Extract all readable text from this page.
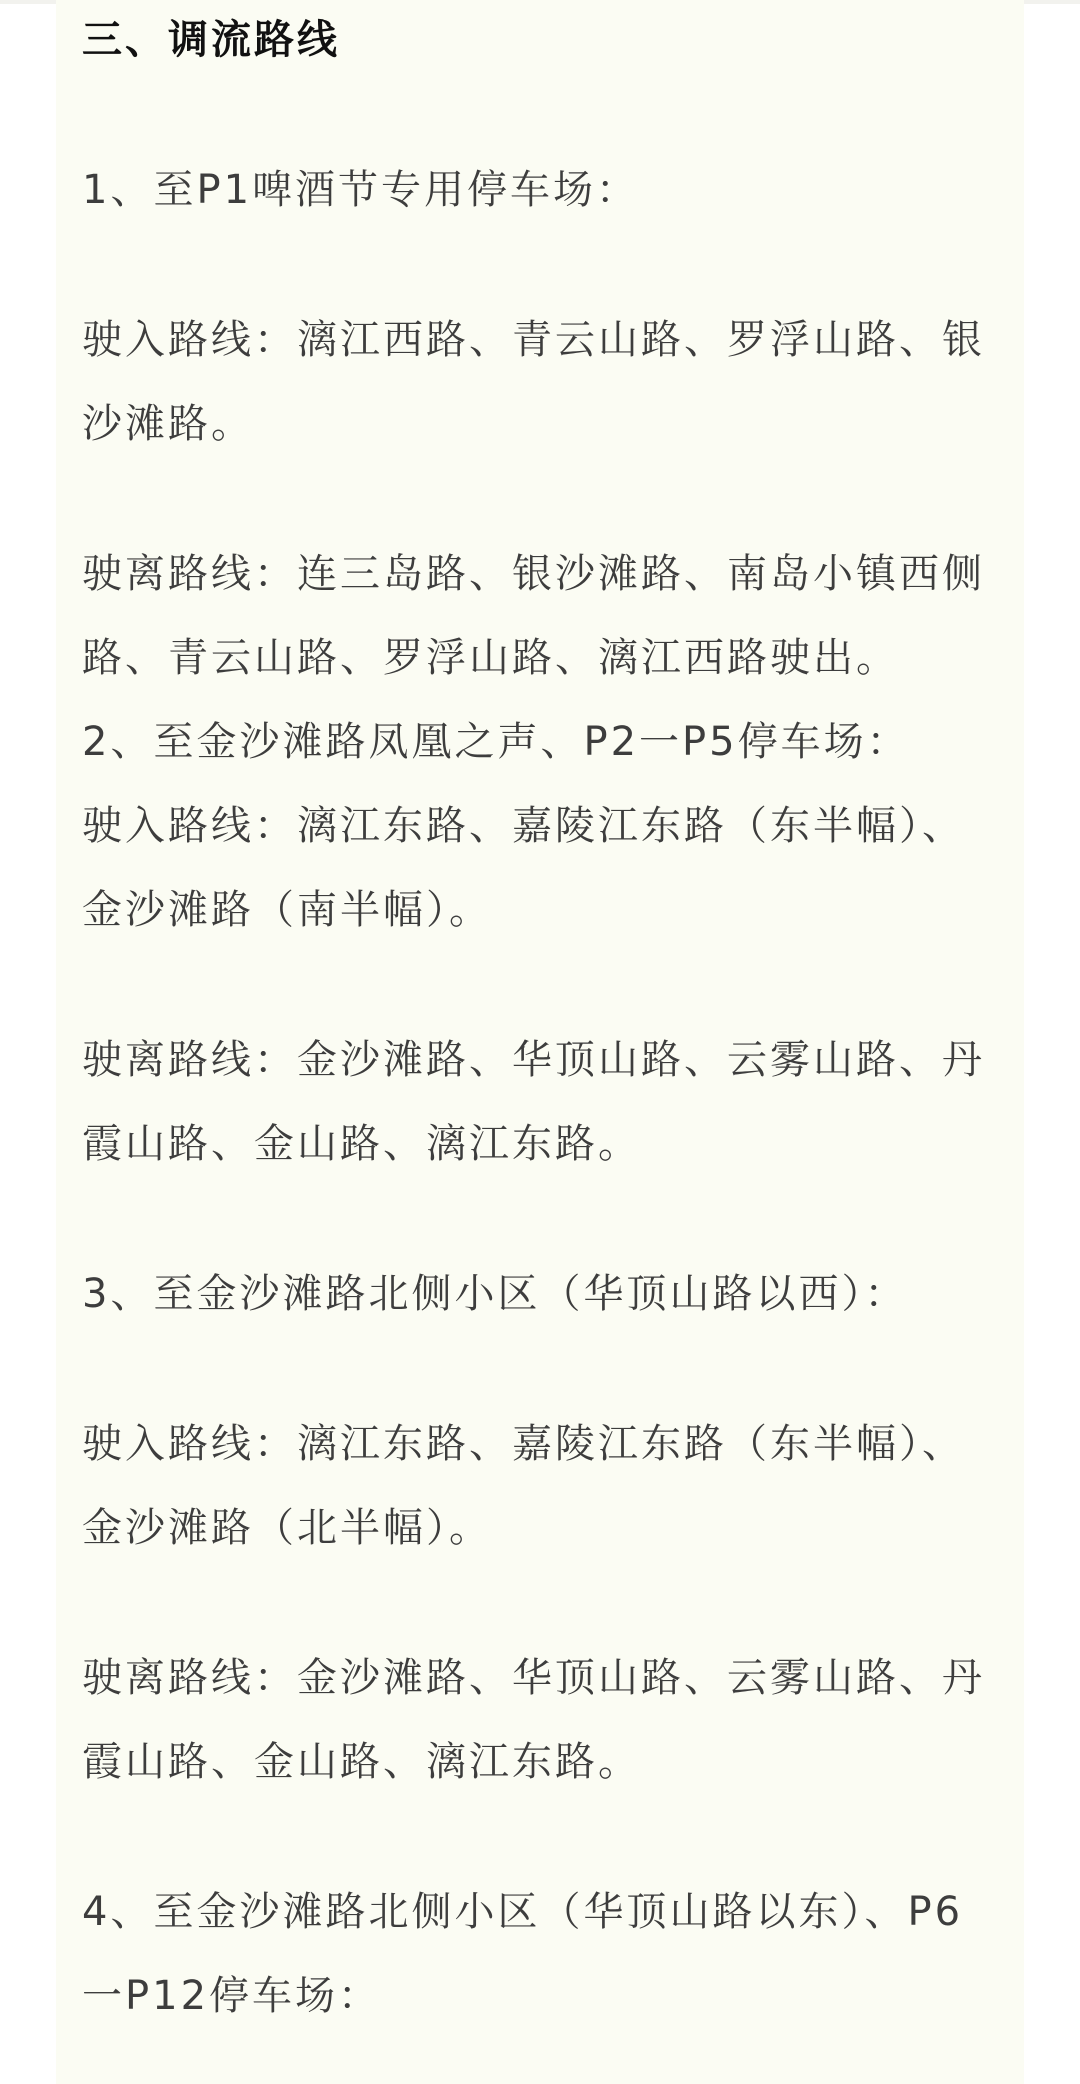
三、调流路线

1、至P1啤酒节专用停车场：

驶入路线：漓江西路、青云山路、罗浮山路、银

沙滩路。

驶离路线：连三岛路、银沙滩路、南岛小镇西侧

路、青云山路、罗浮山路、漓江西路驶出。

2、至金沙滩路凤凰之声、P2一P5停车场：

驶入路线：漓江东路、嘉陵江东路（东半幅）、

金沙滩路（南半幅）。

驶离路线：金沙滩路、华顶山路、云雾山路、丹

霞山路、金山路、漓江东路。

3、至金沙滩路北侧小区（华顶山路以西）：

驶入路线：漓江东路、嘉陵江东路（东半幅）、

金沙滩路（北半幅）。

驶离路线：金沙滩路、华顶山路、云雾山路、丹

霞山路、金山路、漓江东路。

4、至金沙滩路北侧小区（华顶山路以东）、P6

一P12停车场：
